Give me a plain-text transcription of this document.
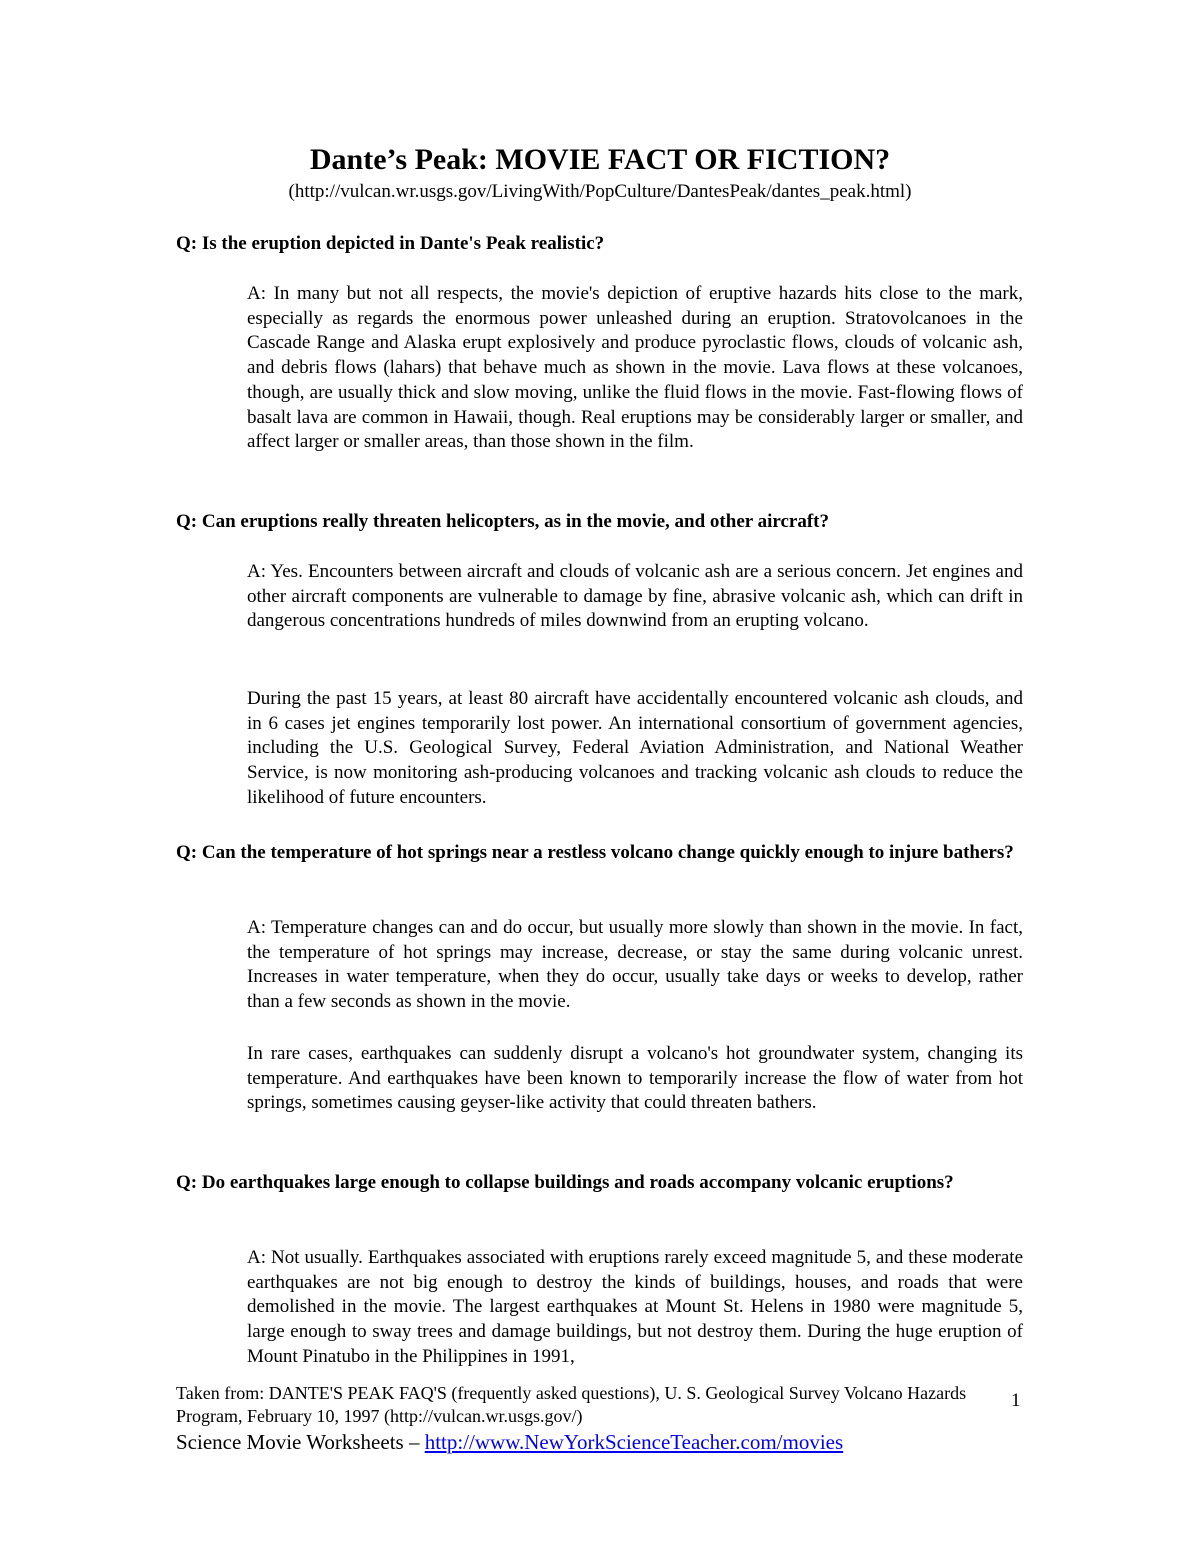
Dante’s Peak: MOVIE FACT OR FICTION?
(http://vulcan.wr.usgs.gov/LivingWith/PopCulture/DantesPeak/dantes_peak.html)
Q: Is the eruption depicted in Dante's Peak realistic?

A: In many but not all respects, the movie's depiction of eruptive hazards hits close to the mark, especially as regards the enormous power unleashed during an eruption. Stratovolcanoes in the Cascade Range and Alaska erupt explosively and produce pyroclastic flows, clouds of volcanic ash, and debris flows (lahars) that behave much as shown in the movie. Lava flows at these volcanoes, though, are usually thick and slow moving, unlike the fluid flows in the movie. Fast-flowing flows of basalt lava are common in Hawaii, though. Real eruptions may be considerably larger or smaller, and affect larger or smaller areas, than those shown in the film.

Q: Can eruptions really threaten helicopters, as in the movie, and other aircraft?

A: Yes. Encounters between aircraft and clouds of volcanic ash are a serious concern. Jet engines and other aircraft components are vulnerable to damage by fine, abrasive volcanic ash, which can drift in dangerous concentrations hundreds of miles downwind from an erupting volcano.

During the past 15 years, at least 80 aircraft have accidentally encountered volcanic ash clouds, and in 6 cases jet engines temporarily lost power. An international consortium of government agencies, including the U.S. Geological Survey, Federal Aviation Administration, and National Weather Service, is now monitoring ash-producing volcanoes and tracking volcanic ash clouds to reduce the likelihood of future encounters.

Q: Can the temperature of hot springs near a restless volcano change quickly enough to injure bathers?

A: Temperature changes can and do occur, but usually more slowly than shown in the movie. In fact, the temperature of hot springs may increase, decrease, or stay the same during volcanic unrest. Increases in water temperature, when they do occur, usually take days or weeks to develop, rather than a few seconds as shown in the movie.

In rare cases, earthquakes can suddenly disrupt a volcano's hot groundwater system, changing its temperature. And earthquakes have been known to temporarily increase the flow of water from hot springs, sometimes causing geyser-like activity that could threaten bathers.

Q: Do earthquakes large enough to collapse buildings and roads accompany volcanic eruptions?

A: Not usually. Earthquakes associated with eruptions rarely exceed magnitude 5, and these moderate earthquakes are not big enough to destroy the kinds of buildings, houses, and roads that were demolished in the movie. The largest earthquakes at Mount St. Helens in 1980 were magnitude 5, large enough to sway trees and damage buildings, but not destroy them. During the huge eruption of Mount Pinatubo in the Philippines in 1991,

Taken from: DANTE'S PEAK FAQ'S (frequently asked questions), U. S. Geological Survey Volcano Hazards Program, February 10, 1997 (http://vulcan.wr.usgs.gov/)
1
Science Movie Worksheets – http://www.NewYorkScienceTeacher.com/movies
